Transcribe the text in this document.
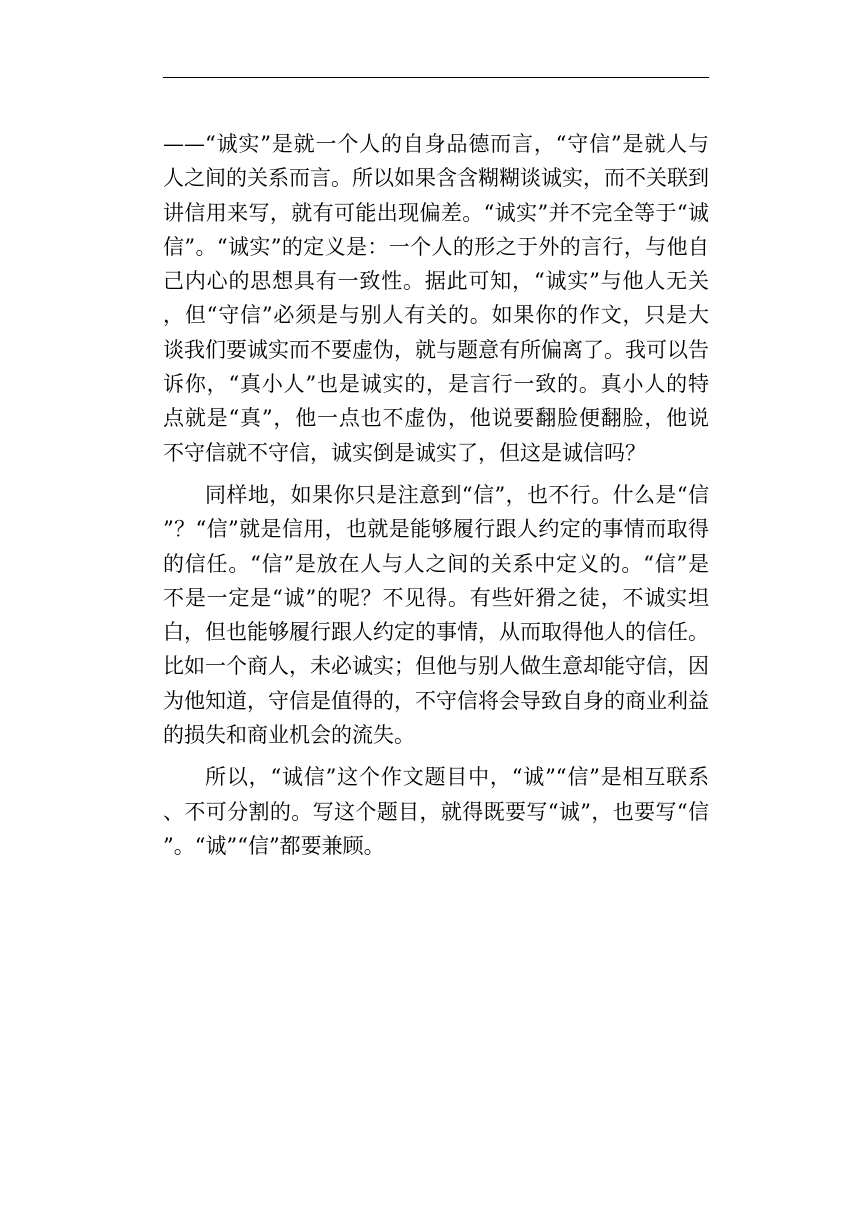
——“诚实”是就一个人的自身品德而言，“守信”是就人与人之间的关系而言。所以如果含含糊糊谈诚实，而不关联到讲信用来写，就有可能出现偏差。“诚实”并不完全等于“诚信”。“诚实”的定义是：一个人的形之于外的言行，与他自己内心的思想具有一致性。据此可知，“诚实”与他人无关，但“守信”必须是与别人有关的。如果你的作文，只是大谈我们要诚实而不要虚伪，就与题意有所偏离了。我可以告诉你，“真小人”也是诚实的，是言行一致的。真小人的特点就是“真”，他一点也不虚伪，他说要翻脸便翻脸，他说不守信就不守信，诚实倒是诚实了，但这是诚信吗？

同样地，如果你只是注意到“信”，也不行。什么是“信”？“信”就是信用，也就是能够履行跟人约定的事情而取得的信任。“信”是放在人与人之间的关系中定义的。“信”是不是一定是“诚”的呢？不见得。有些奸猾之徒，不诚实坦白，但也能够履行跟人约定的事情，从而取得他人的信任。比如一个商人，未必诚实；但他与别人做生意却能守信，因为他知道，守信是值得的，不守信将会导致自身的商业利益的损失和商业机会的流失。

所以，“诚信”这个作文题目中，“诚”“信”是相互联系、不可分割的。写这个题目，就得既要写“诚”，也要写“信”。“诚”“信”都要兼顾。
